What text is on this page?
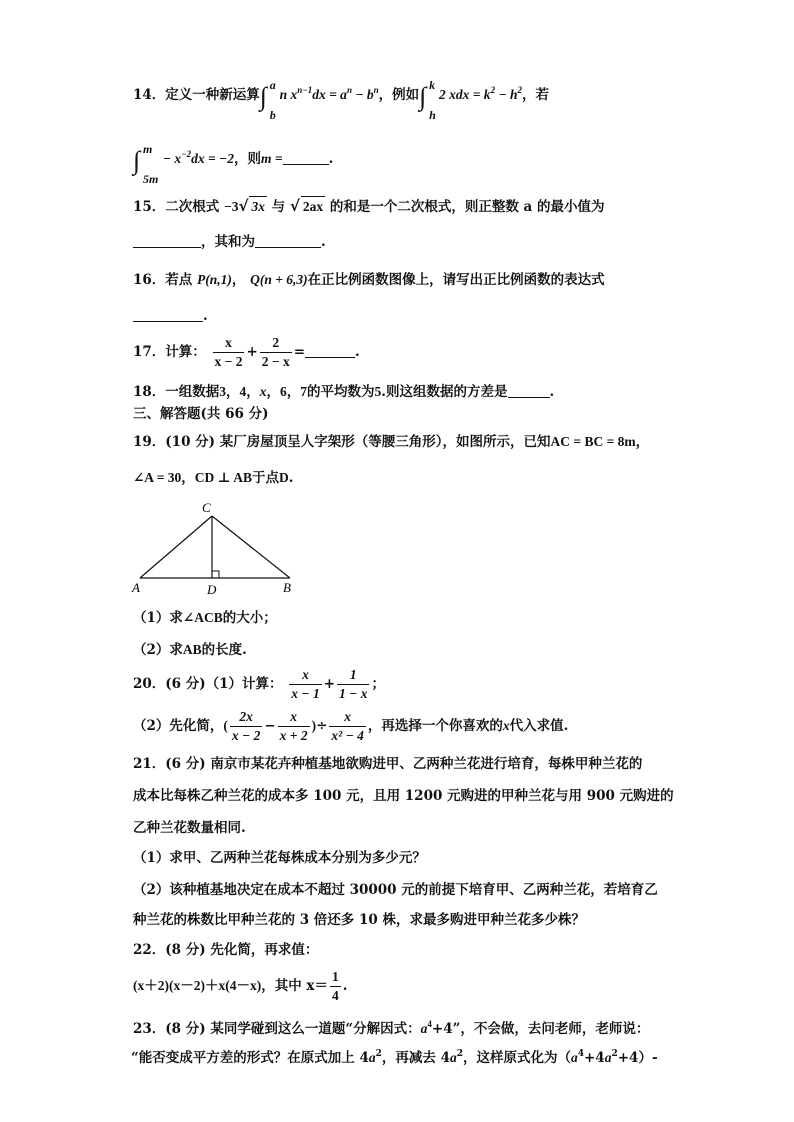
14．定义一种新运算∫ a
b
n $x^{n-1}dx = a^n - b^n$，例如∫ k
h
2 xdx = $k^2 - h^2$，若
∫ m
5m
− $x^{-2}dx = -2$，则m =	.
15．二次根式 −3√ 3x 与 √ 2ax 的和是一个二次根式，则正整数 a 的最小值为
，其和为	.
16．若点 P(n,1)， Q(n + 6,3)在正比例函数图像上，请写出正比例函数的表达式
.
17．计算： $\frac{x}{x - 2} + \frac{2}{2 - x}$ =	.
18．一组数据3，4，x，6，7的平均数为5.则这组数据的方差是	.
三、解答题(共 66 分)
19．(10 分) 某厂房屋顶呈人字架形（等腰三角形），如图所示，已知AC = BC = 8m，
∠A = 30，CD ⊥ AB于点D.
C
A	D	B
（1）求∠ACB的大小；
（2）求AB的长度.
20．(6 分)（1）计算： $\frac{x}{x - 1} + \frac{1}{1 - x}$ ；
（2）先化简，( $\frac{2x}{x - 2} - \frac{x}{x + 2}$ )÷ $\frac{x}{\text{x² − 4}}$ ，再选择一个你喜欢的x代入求值.
21．(6 分) 南京市某花卉种植基地欲购进甲、乙两种兰花进行培育，每株甲种兰花的
成本比每株乙种兰花的成本多 100 元，且用 1200 元购进的甲种兰花与用 900 元购进的
乙种兰花数量相同.
（1）求甲、乙两种兰花每株成本分别为多少元？
（2）该种植基地决定在成本不超过 30000 元的前提下培育甲、乙两种兰花，若培育乙
种兰花的株数比甲种兰花的 3 倍还多 10 株，求最多购进甲种兰花多少株？
22．(8 分) 先化简，再求值：
(x＋2)(x－2)＋x(4－x)，其中 $x= \frac{1}{4}$ .
23．(8 分) 某同学碰到这么一道题“分解因式：$a^4+4$”，不会做，去问老师，老师说：
“能否变成平方差的形式？在原式加上 $4a^2$，再减去 $4a^2$，这样原式化为$(a^4+4a^2+4)-$
